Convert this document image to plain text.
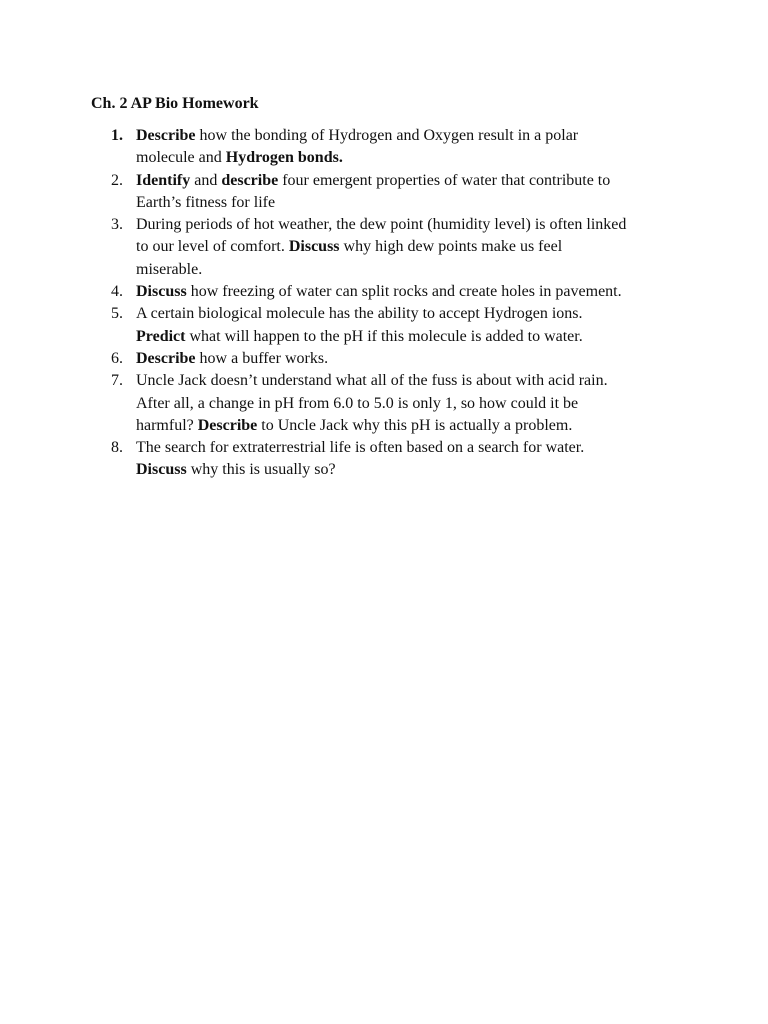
Ch. 2 AP Bio Homework
1. Describe how the bonding of Hydrogen and Oxygen result in a polar
molecule and Hydrogen bonds.
2. Identify and describe four emergent properties of water that contribute to
Earth’s fitness for life
3. During periods of hot weather, the dew point (humidity level) is often linked
to our level of comfort. Discuss why high dew points make us feel
miserable.
4. Discuss how freezing of water can split rocks and create holes in pavement.
5. A certain biological molecule has the ability to accept Hydrogen ions.
Predict what will happen to the pH if this molecule is added to water.
6. Describe how a buffer works.
7. Uncle Jack doesn’t understand what all of the fuss is about with acid rain.
After all, a change in pH from 6.0 to 5.0 is only 1, so how could it be
harmful? Describe to Uncle Jack why this pH is actually a problem.
8. The search for extraterrestrial life is often based on a search for water.
Discuss why this is usually so?
